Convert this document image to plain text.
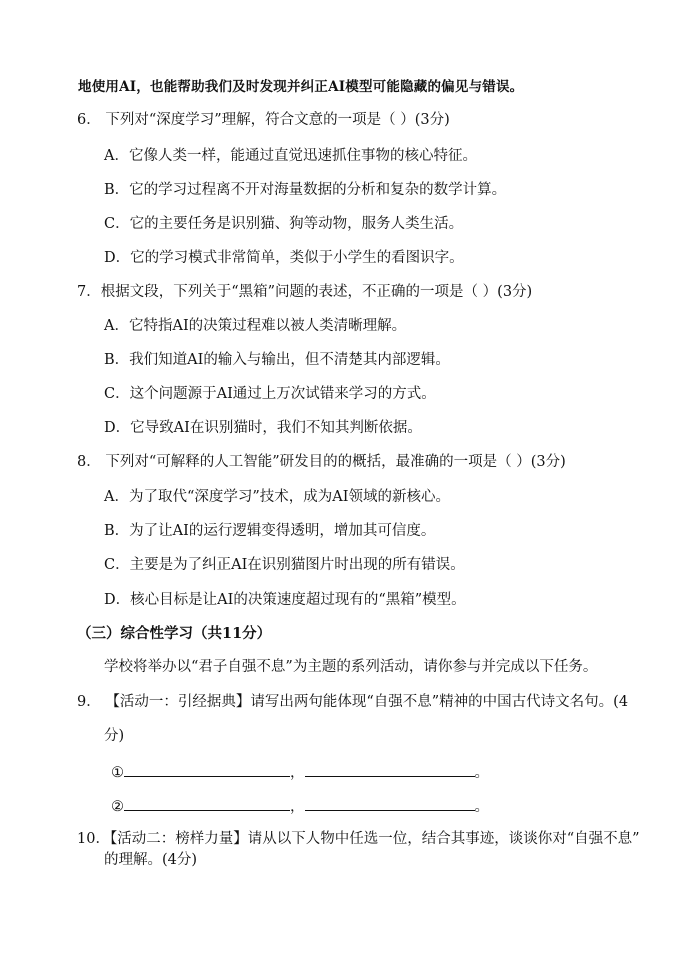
地使用AI，也能帮助我们及时发现并纠正AI模型可能隐藏的偏见与错误。
6． 下列对“深度学习”理解，符合文意的一项是（ ）(3分)
A．它像人类一样，能通过直觉迅速抓住事物的核心特征。
B．它的学习过程离不开对海量数据的分析和复杂的数学计算。
C．它的主要任务是识别猫、狗等动物，服务人类生活。
D．它的学习模式非常简单，类似于小学生的看图识字。
7．根据文段，下列关于“黑箱”问题的表述，不正确的一项是（ ）(3分)
A．它特指AI的决策过程难以被人类清晰理解。
B．我们知道AI的输入与输出，但不清楚其内部逻辑。
C．这个问题源于AI通过上万次试错来学习的方式。
D．它导致AI在识别猫时，我们不知其判断依据。
8． 下列对“可解释的人工智能”研发目的的概括，最准确的一项是（ ）(3分)
A．为了取代“深度学习”技术，成为AI领域的新核心。
B．为了让AI的运行逻辑变得透明，增加其可信度。
C．主要是为了纠正AI在识别猫图片时出现的所有错误。
D．核心目标是让AI的决策速度超过现有的“黑箱”模型。
（三）综合性学习（共11分）
学校将举办以“君子自强不息”为主题的系列活动，请你参与并完成以下任务。
9． 【活动一：引经据典】请写出两句能体现“自强不息”精神的中国古代诗文名句。(4
分)
①	，	。
②	，	。
10．【活动二：榜样力量】请从以下人物中任选一位，结合其事迹，谈谈你对“自强不息”
的理解。(4分)
